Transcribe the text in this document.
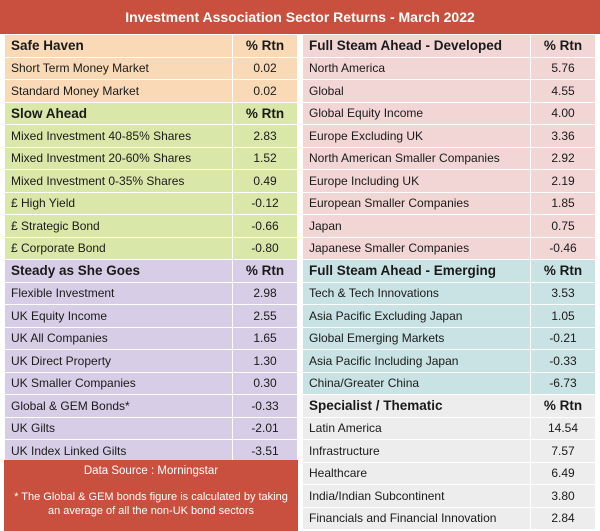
Investment Association Sector Returns - March 2022
Safe Haven	% Rtn
Short Term Money Market	0.02
Standard Money Market	0.02
Slow Ahead	% Rtn
Mixed Investment 40-85% Shares	2.83
Mixed Investment 20-60% Shares	1.52
Mixed Investment 0-35% Shares	0.49
£ High Yield	-0.12
£ Strategic Bond	-0.66
£ Corporate Bond	-0.80
Steady as She Goes	% Rtn
Flexible Investment	2.98
UK Equity Income	2.55
UK All Companies	1.65
UK Direct Property	1.30
UK Smaller Companies	0.30
Global & GEM Bonds*	-0.33
UK Gilts	-2.01
UK Index Linked Gilts	-3.51
Full Steam Ahead - Developed	% Rtn
North America	5.76
Global	4.55
Global Equity Income	4.00
Europe Excluding UK	3.36
North American Smaller Companies	2.92
Europe Including UK	2.19
European Smaller Companies	1.85
Japan	0.75
Japanese Smaller Companies	-0.46
Full Steam Ahead - Emerging	% Rtn
Tech & Tech Innovations	3.53
Asia Pacific Excluding Japan	1.05
Global Emerging Markets	-0.21
Asia Pacific Including Japan	-0.33
China/Greater China	-6.73
Specialist / Thematic	% Rtn
Latin America	14.54
Infrastructure	7.57
Healthcare	6.49
India/Indian Subcontinent	3.80
Financials and Financial Innovation	2.84
Data Source : Morningstar
* The Global & GEM bonds figure is calculated by taking an average of all the non-UK bond sectors
